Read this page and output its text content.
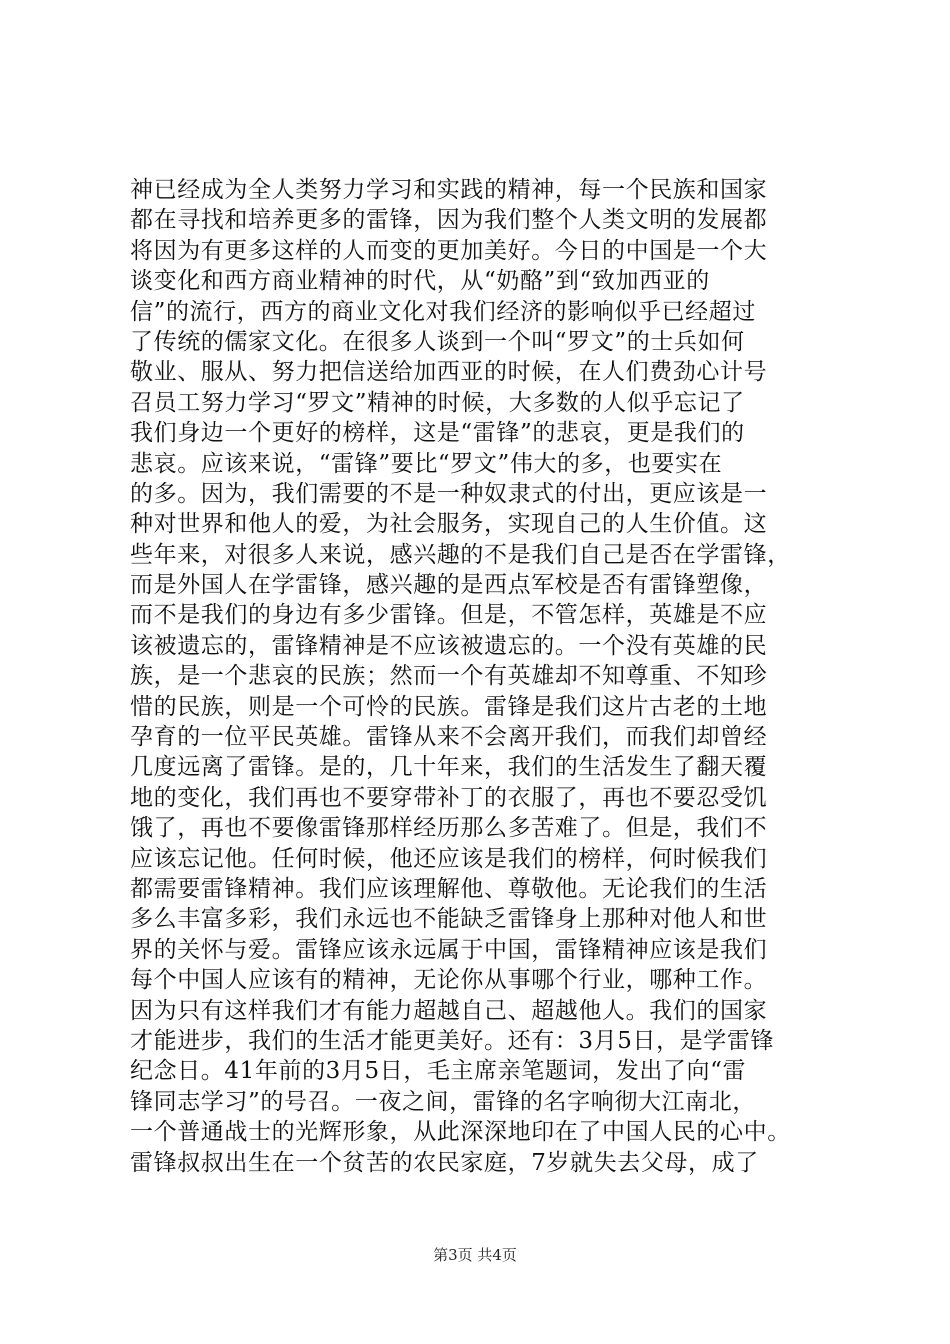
神已经成为全人类努力学习和实践的精神，每一个民族和国家
都在寻找和培养更多的雷锋，因为我们整个人类文明的发展都
将因为有更多这样的人而变的更加美好。今日的中国是一个大
谈变化和西方商业精神的时代，从“奶酪”到“致加西亚的
信”的流行，西方的商业文化对我们经济的影响似乎已经超过
了传统的儒家文化。在很多人谈到一个叫“罗文”的士兵如何
敬业、服从、努力把信送给加西亚的时候，在人们费劲心计号
召员工努力学习“罗文”精神的时候，大多数的人似乎忘记了
我们身边一个更好的榜样，这是“雷锋”的悲哀，更是我们的
悲哀。应该来说，“雷锋”要比“罗文”伟大的多，也要实在
的多。因为，我们需要的不是一种奴隶式的付出，更应该是一
种对世界和他人的爱，为社会服务，实现自己的人生价值。这
些年来，对很多人来说，感兴趣的不是我们自己是否在学雷锋，
而是外国人在学雷锋，感兴趣的是西点军校是否有雷锋塑像，
而不是我们的身边有多少雷锋。但是，不管怎样，英雄是不应
该被遗忘的，雷锋精神是不应该被遗忘的。一个没有英雄的民
族，是一个悲哀的民族；然而一个有英雄却不知尊重、不知珍
惜的民族，则是一个可怜的民族。雷锋是我们这片古老的土地
孕育的一位平民英雄。雷锋从来不会离开我们，而我们却曾经
几度远离了雷锋。是的，几十年来，我们的生活发生了翻天覆
地的变化，我们再也不要穿带补丁的衣服了，再也不要忍受饥
饿了，再也不要像雷锋那样经历那么多苦难了。但是，我们不
应该忘记他。任何时候，他还应该是我们的榜样，何时候我们
都需要雷锋精神。我们应该理解他、尊敬他。无论我们的生活
多么丰富多彩，我们永远也不能缺乏雷锋身上那种对他人和世
界的关怀与爱。雷锋应该永远属于中国，雷锋精神应该是我们
每个中国人应该有的精神，无论你从事哪个行业，哪种工作。
因为只有这样我们才有能力超越自己、超越他人。我们的国家
才能进步，我们的生活才能更美好。还有：3月5日，是学雷锋
纪念日。41年前的3月5日，毛主席亲笔题词，发出了向“雷
锋同志学习”的号召。一夜之间，雷锋的名字响彻大江南北，
一个普通战士的光辉形象，从此深深地印在了中国人民的心中。
雷锋叔叔出生在一个贫苦的农民家庭，7岁就失去父母，成了
第3页 共4页
